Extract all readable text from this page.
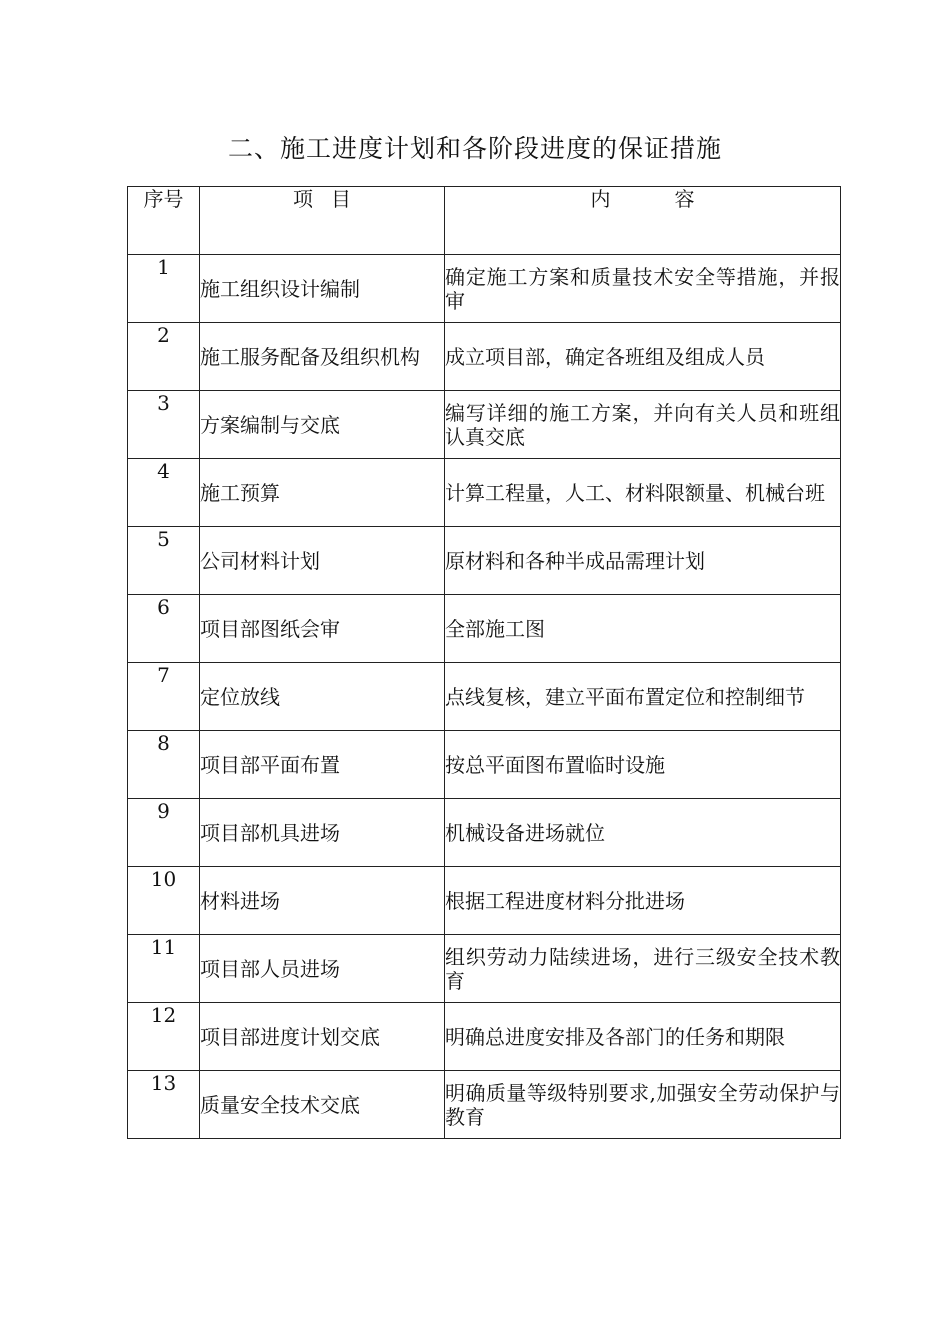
二、施工进度计划和各阶段进度的保证措施
序号	项目	内容
1	施工组织设计编制	确定施工方案和质量技术安全等措施，并报审
2	施工服务配备及组织机构	成立项目部，确定各班组及组成人员
3	方案编制与交底	编写详细的施工方案，并向有关人员和班组认真交底
4	施工预算	计算工程量，人工、材料限额量、机械台班
5	公司材料计划	原材料和各种半成品需理计划
6	项目部图纸会审	全部施工图
7	定位放线	点线复核，建立平面布置定位和控制细节
8	项目部平面布置	按总平面图布置临时设施
9	项目部机具进场	机械设备进场就位
10	材料进场	根据工程进度材料分批进场
11	项目部人员进场	组织劳动力陆续进场，进行三级安全技术教育
12	项目部进度计划交底	明确总进度安排及各部门的任务和期限
13	质量安全技术交底	明确质量等级特别要求,加强安全劳动保护与教育
